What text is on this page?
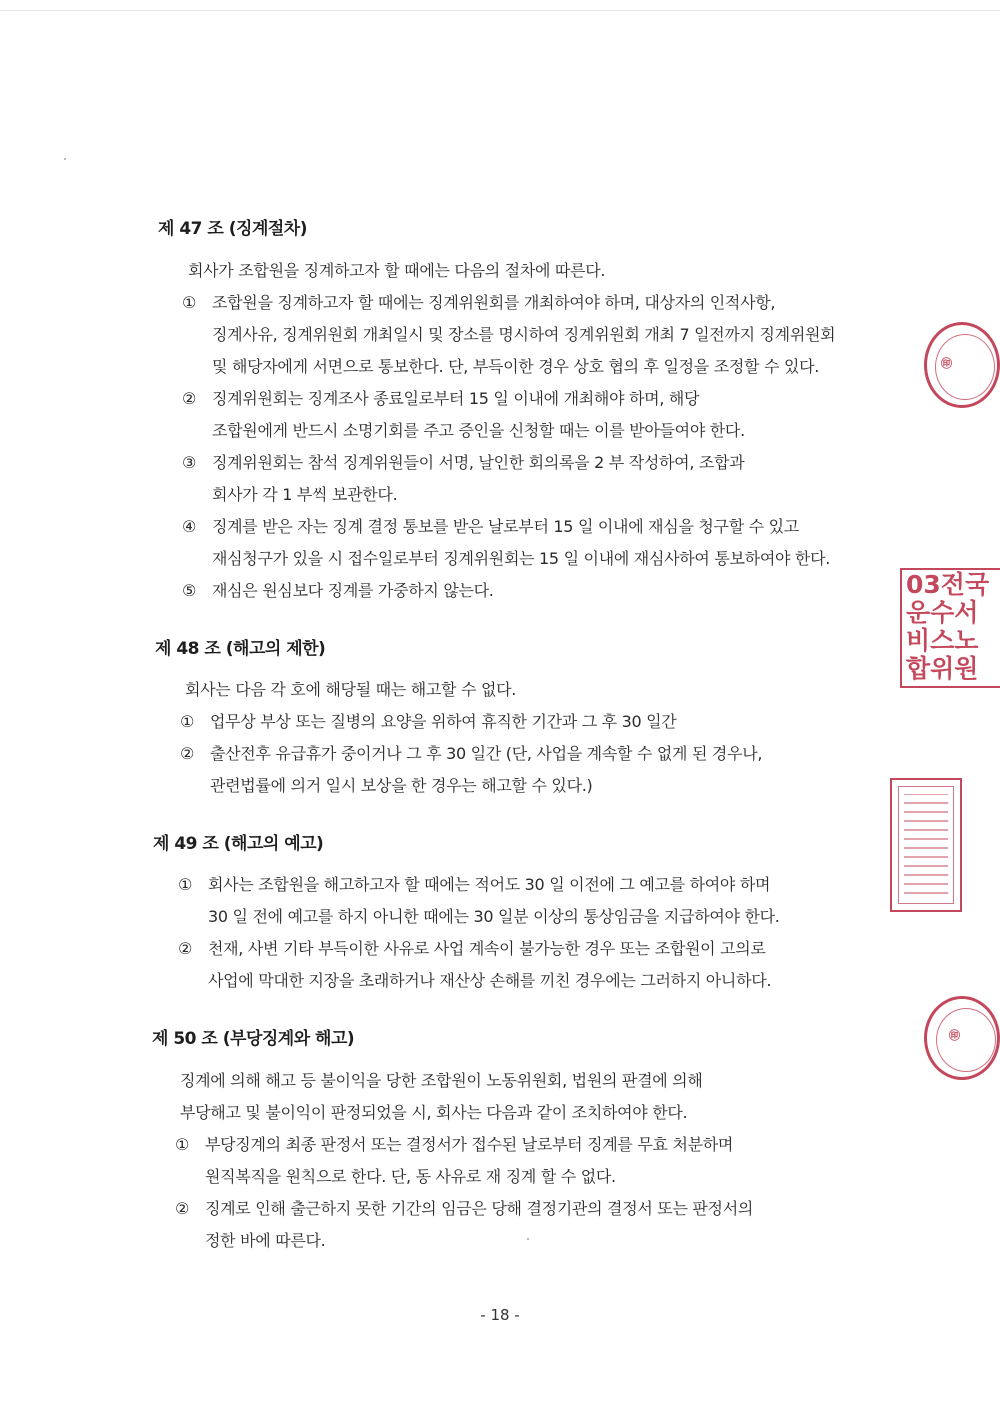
제 47 조 (징계절차)
회사가 조합원을 징계하고자 할 때에는 다음의 절차에 따른다.
① 조합원을 징계하고자 할 때에는 징계위원회를 개최하여야 하며, 대상자의 인적사항,
징계사유, 징계위원회 개최일시 및 장소를 명시하여 징계위원회 개최 7 일전까지 징계위원회
및 해당자에게 서면으로 통보한다. 단, 부득이한 경우 상호 협의 후 일정을 조정할 수 있다.
② 징계위원회는 징계조사 종료일로부터 15 일 이내에 개최해야 하며, 해당
조합원에게 반드시 소명기회를 주고 증인을 신청할 때는 이를 받아들여야 한다.
③ 징계위원회는 참석 징계위원들이 서명, 날인한 회의록을 2 부 작성하여, 조합과
회사가 각 1 부씩 보관한다.
④ 징계를 받은 자는 징계 결정 통보를 받은 날로부터 15 일 이내에 재심을 청구할 수 있고
재심청구가 있을 시 접수일로부터 징계위원회는 15 일 이내에 재심사하여 통보하여야 한다.
⑤ 재심은 원심보다 징계를 가중하지 않는다.
제 48 조 (해고의 제한)
회사는 다음 각 호에 해당될 때는 해고할 수 없다.
① 업무상 부상 또는 질병의 요양을 위하여 휴직한 기간과 그 후 30 일간
② 출산전후 유급휴가 중이거나 그 후 30 일간 (단, 사업을 계속할 수 없게 된 경우나,
관련법률에 의거 일시 보상을 한 경우는 해고할 수 있다.)
제 49 조 (해고의 예고)
① 회사는 조합원을 해고하고자 할 때에는 적어도 30 일 이전에 그 예고를 하여야 하며
30 일 전에 예고를 하지 아니한 때에는 30 일분 이상의 통상임금을 지급하여야 한다.
② 천재, 사변 기타 부득이한 사유로 사업 계속이 불가능한 경우 또는 조합원이 고의로
사업에 막대한 지장을 초래하거나 재산상 손해를 끼친 경우에는 그러하지 아니하다.
제 50 조 (부당징계와 해고)
징계에 의해 해고 등 불이익을 당한 조합원이 노동위원회, 법원의 판결에 의해
부당해고 및 불이익이 판정되었을 시, 회사는 다음과 같이 조치하여야 한다.
① 부당징계의 최종 판정서 또는 결정서가 접수된 날로부터 징계를 무효 처분하며
원직복직을 원칙으로 한다. 단, 동 사유로 재 징계 할 수 없다.
② 징계로 인해 출근하지 못한 기간의 임금은 당해 결정기관의 결정서 또는 판정서의
정한 바에 따른다.
- 18 -
㊞
03전국
운수서
비스노
합위원
㊞
